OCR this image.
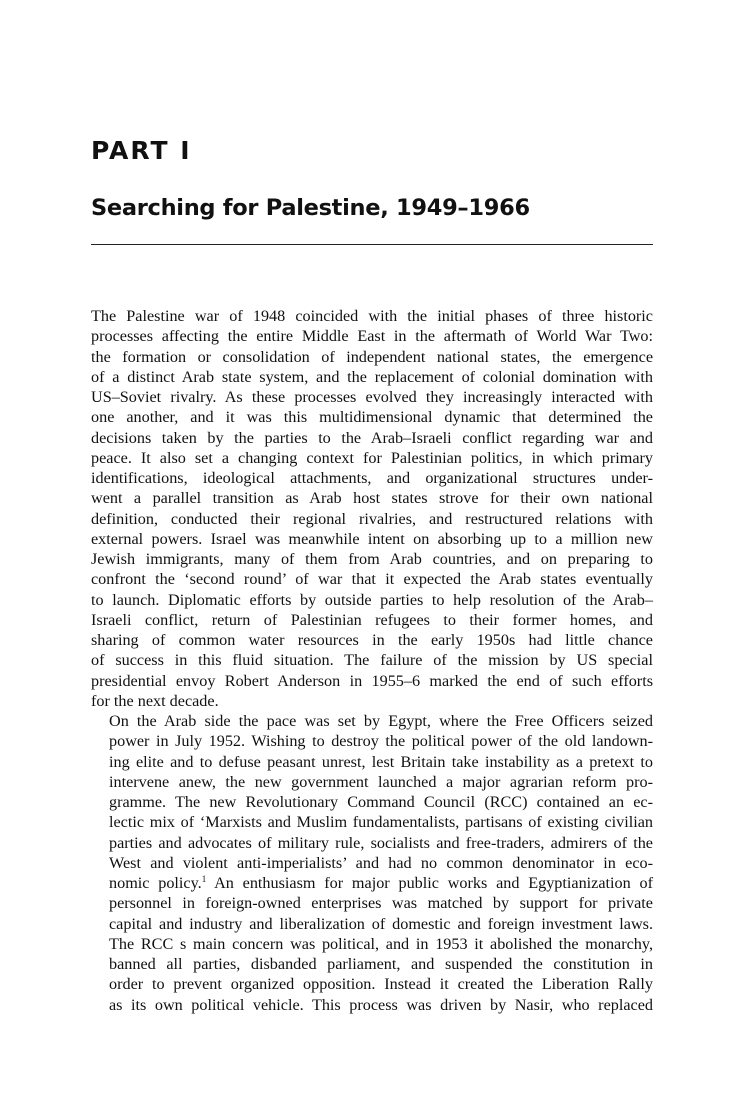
PART I
Searching for Palestine, 1949–1966

The Palestine war of 1948 coincided with the initial phases of three historic
processes affecting the entire Middle East in the aftermath of World War Two:
the formation or consolidation of independent national states, the emergence
of a distinct Arab state system, and the replacement of colonial domination with
US–Soviet rivalry. As these processes evolved they increasingly interacted with
one another, and it was this multidimensional dynamic that determined the
decisions taken by the parties to the Arab–Israeli conflict regarding war and
peace. It also set a changing context for Palestinian politics, in which primary
identifications, ideological attachments, and organizational structures under-
went a parallel transition as Arab host states strove for their own national
definition, conducted their regional rivalries, and restructured relations with
external powers. Israel was meanwhile intent on absorbing up to a million new
Jewish immigrants, many of them from Arab countries, and on preparing to
confront the ‘second round’ of war that it expected the Arab states eventually
to launch. Diplomatic efforts by outside parties to help resolution of the Arab–
Israeli conflict, return of Palestinian refugees to their former homes, and
sharing of common water resources in the early 1950s had little chance
of success in this fluid situation. The failure of the mission by US special
presidential envoy Robert Anderson in 1955–6 marked the end of such efforts
for the next decade.

On the Arab side the pace was set by Egypt, where the Free Officers seized
power in July 1952. Wishing to destroy the political power of the old landown-
ing elite and to defuse peasant unrest, lest Britain take instability as a pretext to
intervene anew, the new government launched a major agrarian reform pro-
gramme. The new Revolutionary Command Council (RCC) contained an ec-
lectic mix of ‘Marxists and Muslim fundamentalists, partisans of existing civilian
parties and advocates of military rule, socialists and free-traders, admirers of the
West and violent anti-imperialists’ and had no common denominator in eco-
nomic policy.$^1$ An enthusiasm for major public works and Egyptianization of
personnel in foreign-owned enterprises was matched by support for private
capital and industry and liberalization of domestic and foreign investment laws.
The RCC s main concern was political, and in 1953 it abolished the monarchy,
banned all parties, disbanded parliament, and suspended the constitution in
order to prevent organized opposition. Instead it created the Liberation Rally
as its own political vehicle. This process was driven by Nasir, who replaced
